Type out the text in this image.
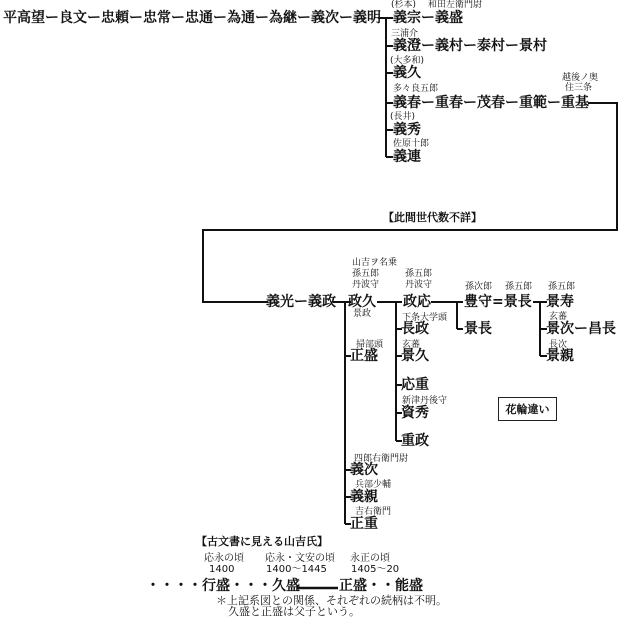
平高望ー良文ー忠頼ー忠常ー忠通ー為通ー為継ー義次ー義明
(杉本) 和田左衛門尉
義宗ー義盛
三浦介
義澄ー義村ー泰村ー景村
(大多和)
義久
多々良五郎
越後ノ奥
住三条
義春ー重春ー茂春ー重範ー重基
(長井)
義秀
佐原十郎
義連
【此間世代数不詳】
義光ー義政
山吉ヲ名乗
孫五郎
丹波守
政久
景政
掃部頭
正盛
四郎右衛門尉
義次
兵部少輔
義親
吉右衛門
正重
孫五郎
丹波守
政応
下条大学頭
長政
玄蕃
景久
応重
新津丹後守
資秀
重政
孫次郎 孫五郎
豊守=景長
景長
孫五郎
景寿
玄蕃
景次ー昌長
長次
景親
花輪違い
【古文書に見える山吉氏】
応永の頃
1400
応永・文安の頃
1400〜1445
永正の頃
1405〜20
・・・・行盛・・・久盛	正盛・・能盛
＊上記系図との関係、それぞれの続柄は不明。
久盛と正盛は父子という。
